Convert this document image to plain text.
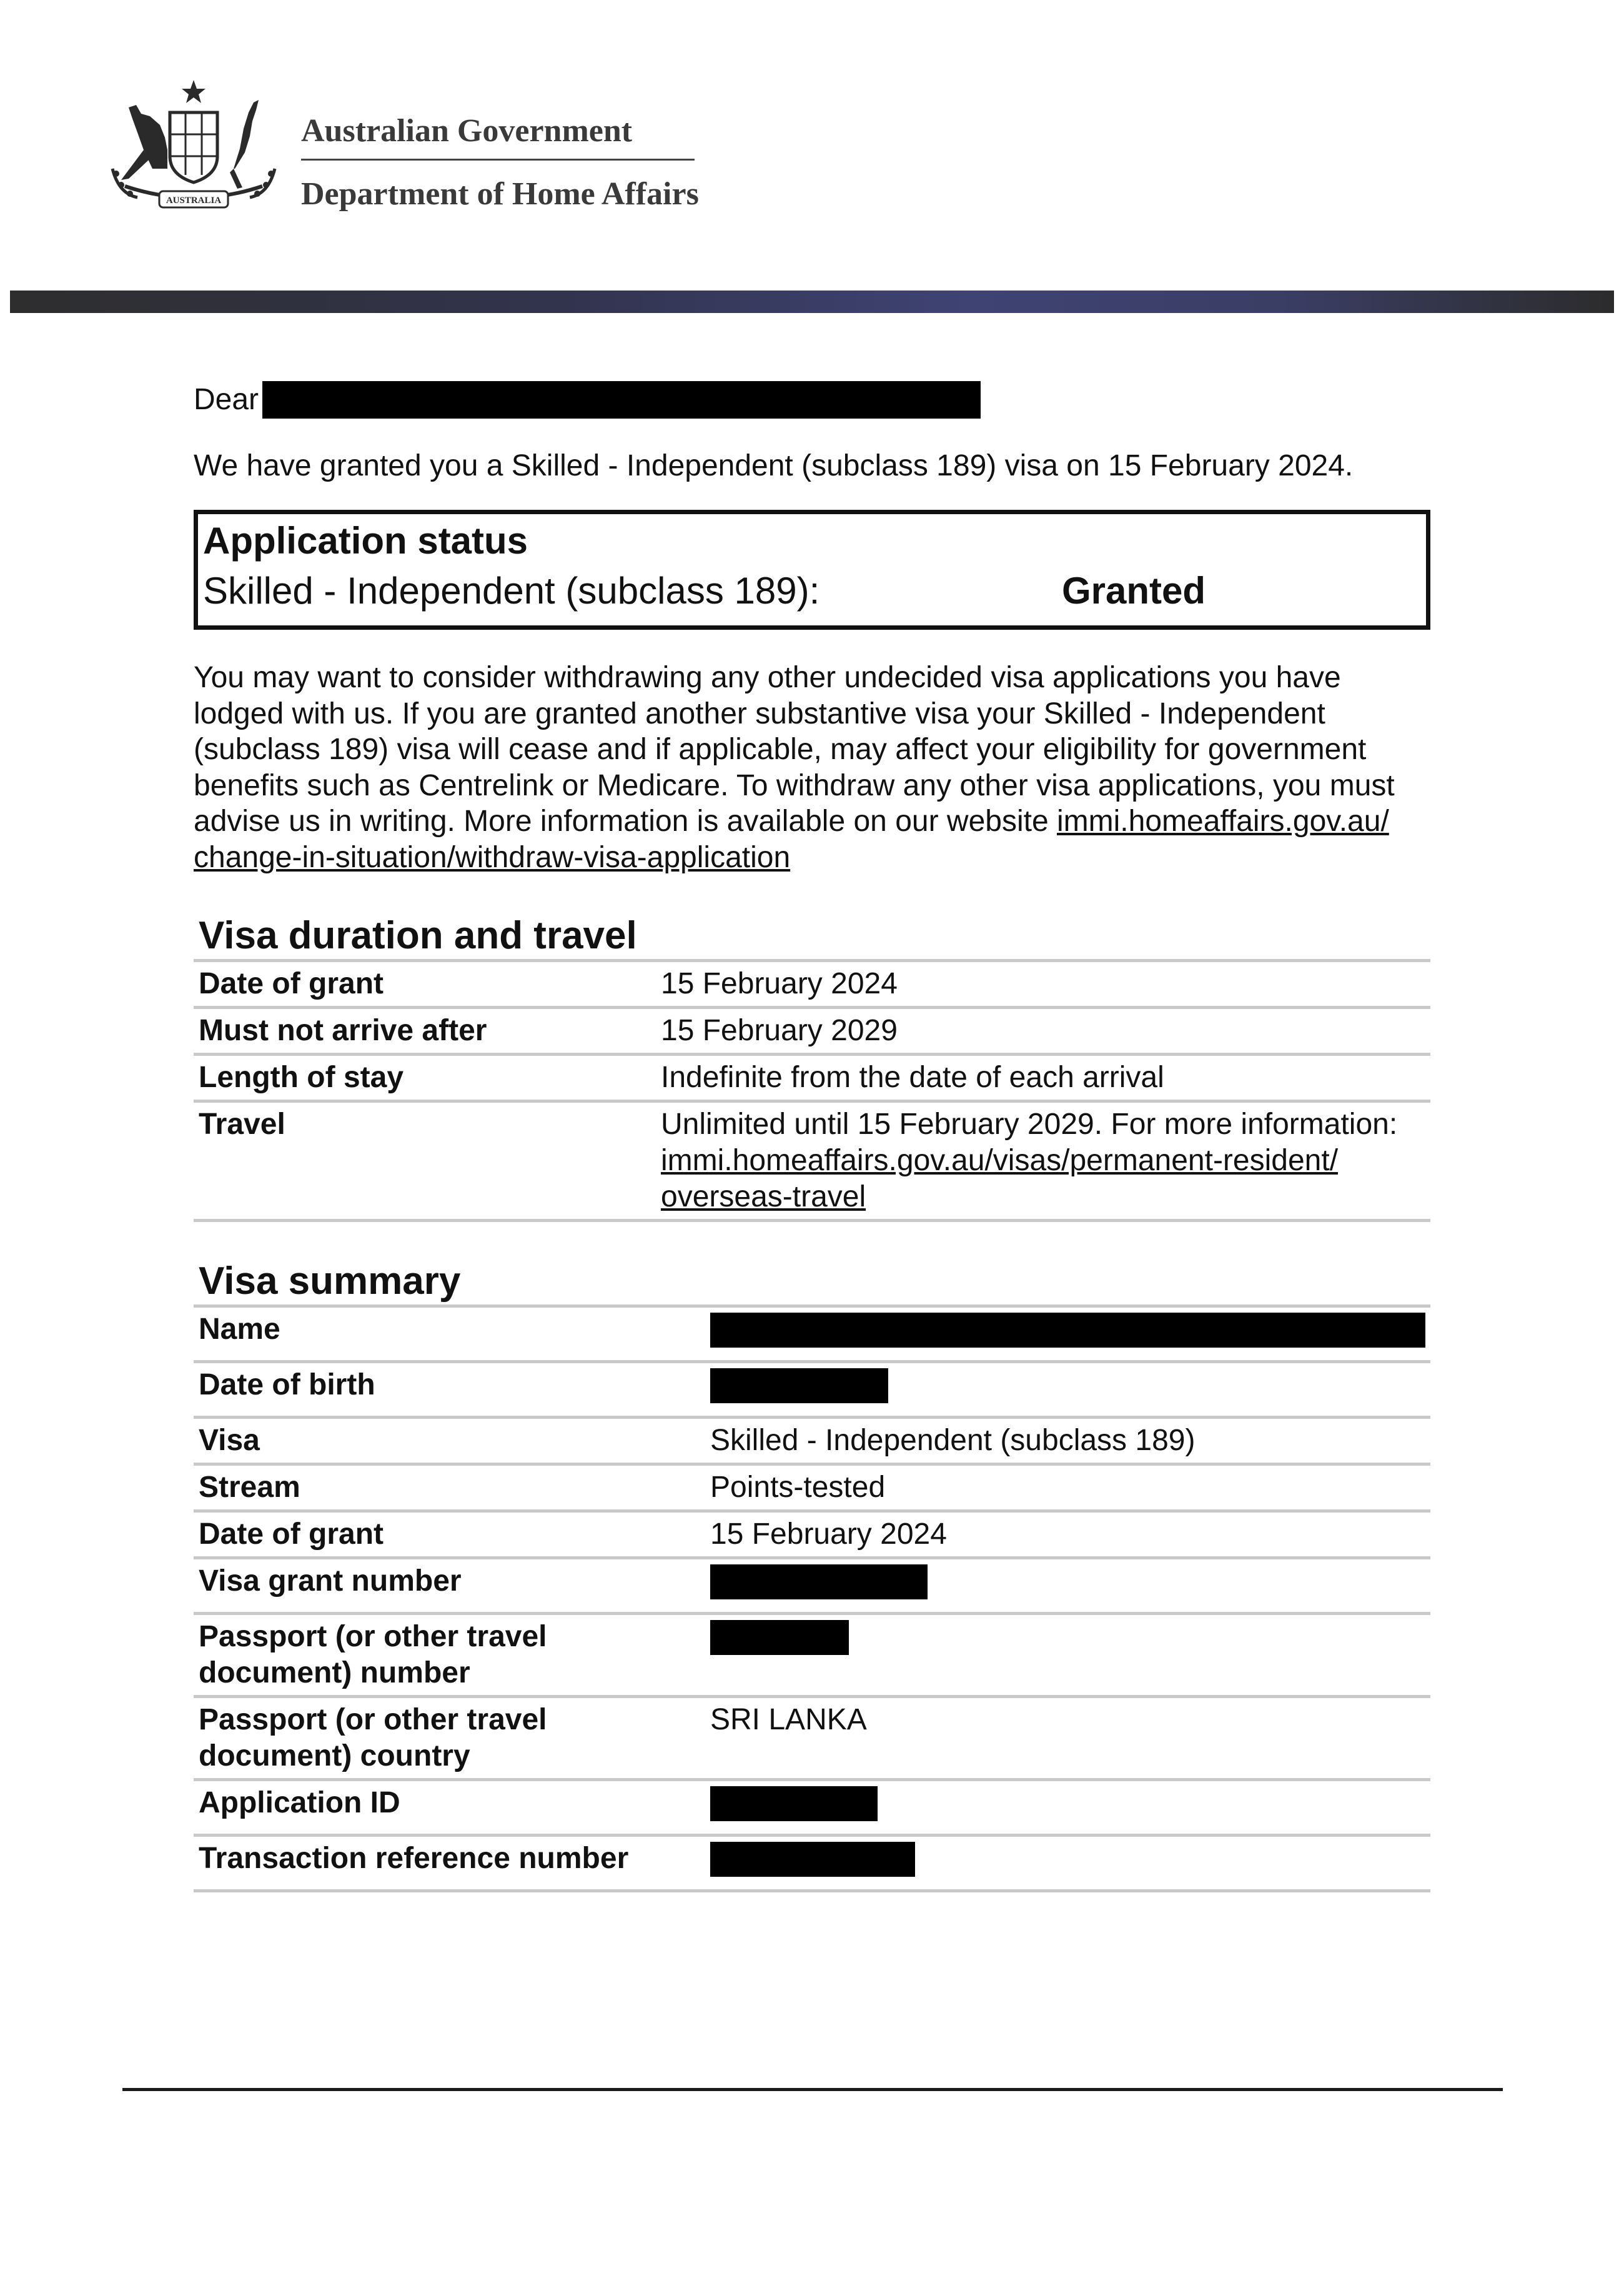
AUSTRALIA
Australian Government
Department of Home Affairs
Dear
We have granted you a Skilled - Independent (subclass 189) visa on 15 February 2024.
Application status
Skilled - Independent (subclass 189):	Granted
You may want to consider withdrawing any other undecided visa applications you have lodged with us. If you are granted another substantive visa your Skilled - Independent (subclass 189) visa will cease and if applicable, may affect your eligibility for government benefits such as Centrelink or Medicare. To withdraw any other visa applications, you must advise us in writing. More information is available on our website immi.homeaffairs.gov.au/ change-in-situation/withdraw-visa-application
Visa duration and travel
Date of grant	15 February 2024
Must not arrive after	15 February 2029
Length of stay	Indefinite from the date of each arrival
Travel	Unlimited until 15 February 2029. For more information:
immi.homeaffairs.gov.au/visas/permanent-resident/ overseas-travel
Visa summary
Name	
Date of birth	
Visa	Skilled - Independent (subclass 189)
Stream	Points-tested
Date of grant	15 February 2024
Visa grant number	
Passport (or other travel document) number	
Passport (or other travel document) country	SRI LANKA
Application ID	
Transaction reference number	
